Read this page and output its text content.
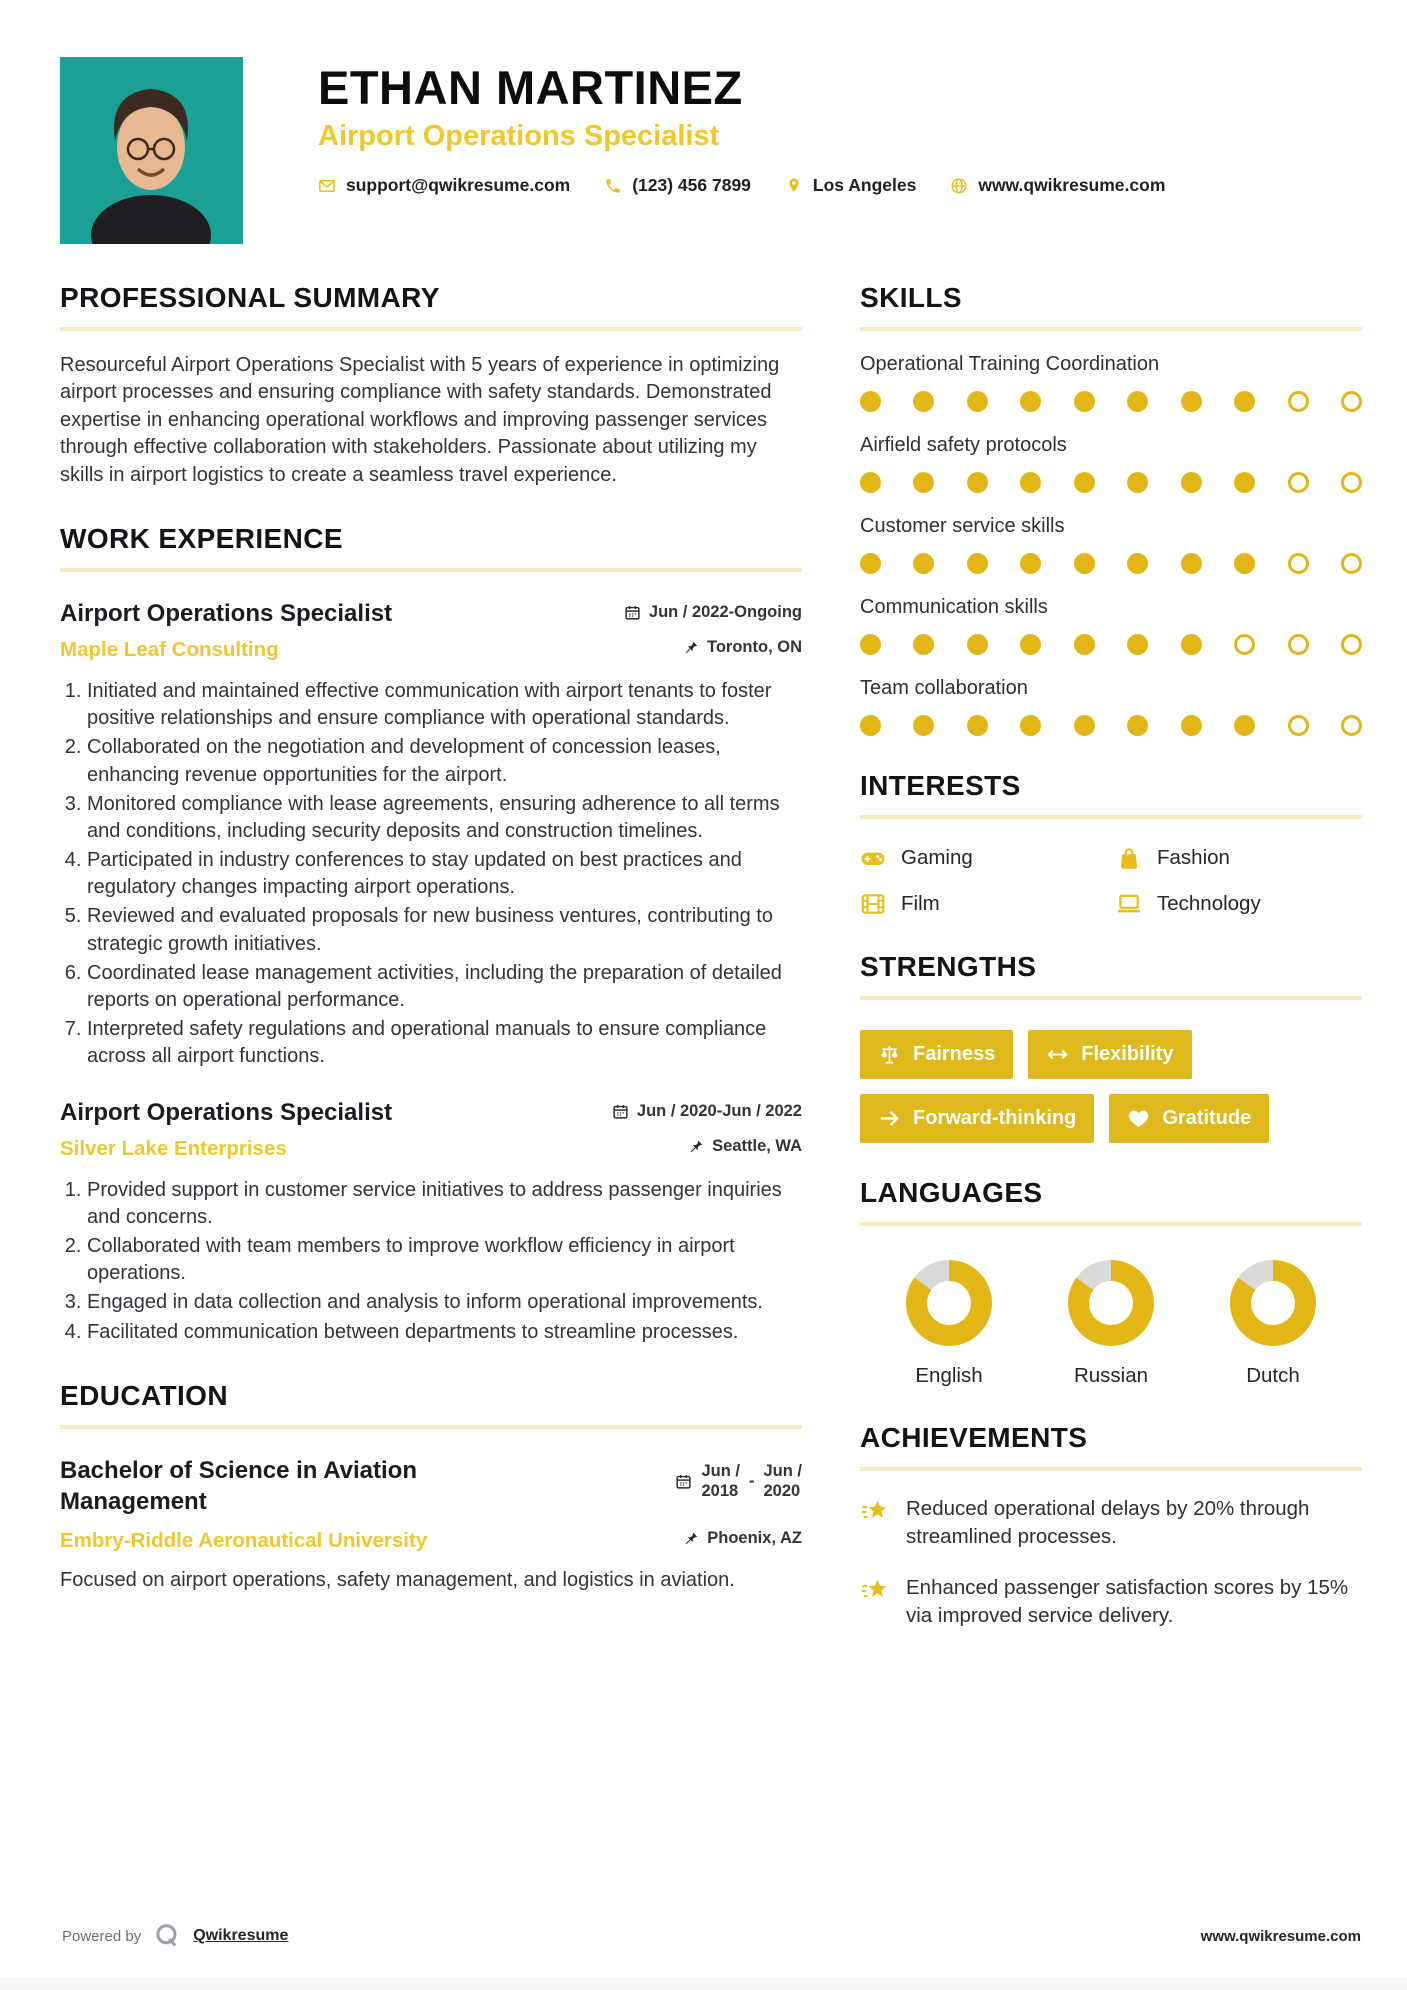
ETHAN MARTINEZ
Airport Operations Specialist
support@qwikresume.com	(123) 456 7899	Los Angeles	www.qwikresume.com
PROFESSIONAL SUMMARY
Resourceful Airport Operations Specialist with 5 years of experience in optimizing airport processes and ensuring compliance with safety standards. Demonstrated expertise in enhancing operational workflows and improving passenger services through effective collaboration with stakeholders. Passionate about utilizing my skills in airport logistics to create a seamless travel experience.
WORK EXPERIENCE
Airport Operations Specialist	Jun / 2022-Ongoing
Maple Leaf Consulting	Toronto, ON
1. Initiated and maintained effective communication with airport tenants to foster positive relationships and ensure compliance with operational standards.
2. Collaborated on the negotiation and development of concession leases, enhancing revenue opportunities for the airport.
3. Monitored compliance with lease agreements, ensuring adherence to all terms and conditions, including security deposits and construction timelines.
4. Participated in industry conferences to stay updated on best practices and regulatory changes impacting airport operations.
5. Reviewed and evaluated proposals for new business ventures, contributing to strategic growth initiatives.
6. Coordinated lease management activities, including the preparation of detailed reports on operational performance.
7. Interpreted safety regulations and operational manuals to ensure compliance across all airport functions.
Airport Operations Specialist	Jun / 2020-Jun / 2022
Silver Lake Enterprises	Seattle, WA
1. Provided support in customer service initiatives to address passenger inquiries and concerns.
2. Collaborated with team members to improve workflow efficiency in airport operations.
3. Engaged in data collection and analysis to inform operational improvements.
4. Facilitated communication between departments to streamline processes.
EDUCATION
Bachelor of Science in Aviation Management
Jun /
2018
-
Jun /
2020
Embry-Riddle Aeronautical University	Phoenix, AZ
Focused on airport operations, safety management, and logistics in aviation.
SKILLS
Operational Training Coordination
Airfield safety protocols
Customer service skills
Communication skills
Team collaboration
INTERESTS
Gaming	Fashion
Film	Technology
STRENGTHS
Fairness	Flexibility
Forward-thinking	Gratitude
LANGUAGES
English	Russian	Dutch
ACHIEVEMENTS
Reduced operational delays by 20% through streamlined processes.
Enhanced passenger satisfaction scores by 15% via improved service delivery.
Powered by	Qwikresume	www.qwikresume.com
